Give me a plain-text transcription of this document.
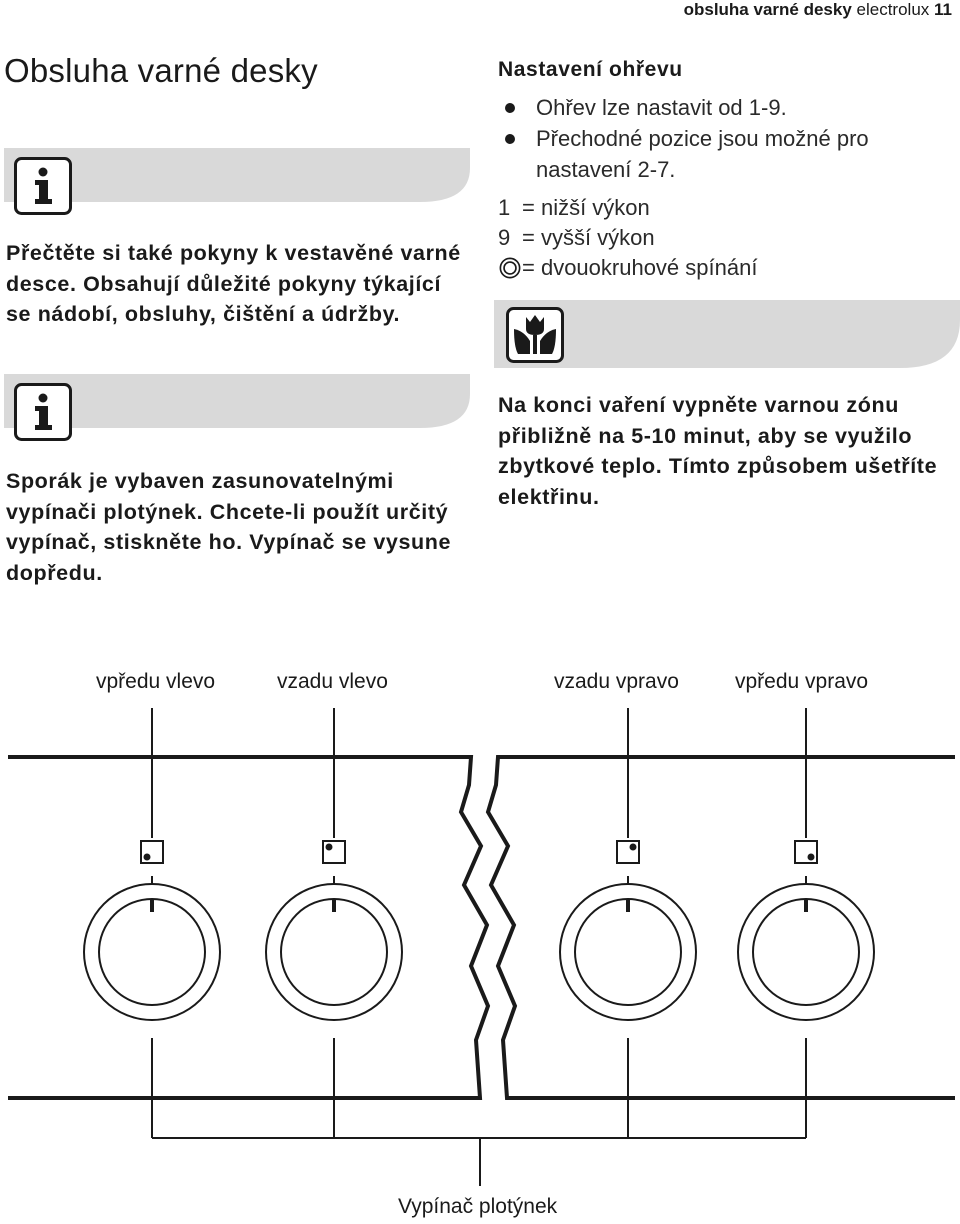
obsluha varné desky electrolux 11
Obsluha varné desky

Přečtěte si také pokyny k vestavěné varné desce. Obsahují důležité pokyny týkající se nádobí, obsluhy, čištění a údržby.

Sporák je vybaven zasunovatelnými vypínači plotýnek. Chcete-li použít určitý vypínač, stiskněte ho. Vypínač se vysune dopředu.

Nastavení ohřevu
Ohřev lze nastavit od 1-9.
Přechodné pozice jsou možné pro nastavení 2-7.
1 = nižší výkon
9 = vyšší výkon
= dvouokruhové spínání

Na konci vaření vypněte varnou zónu přibližně na 5-10 minut, aby se využilo zbytkové teplo. Tímto způsobem ušetříte elektřinu.

vpředu vlevo	vzadu vlevo	vzadu vpravo	vpředu vpravo
Vypínač plotýnek
